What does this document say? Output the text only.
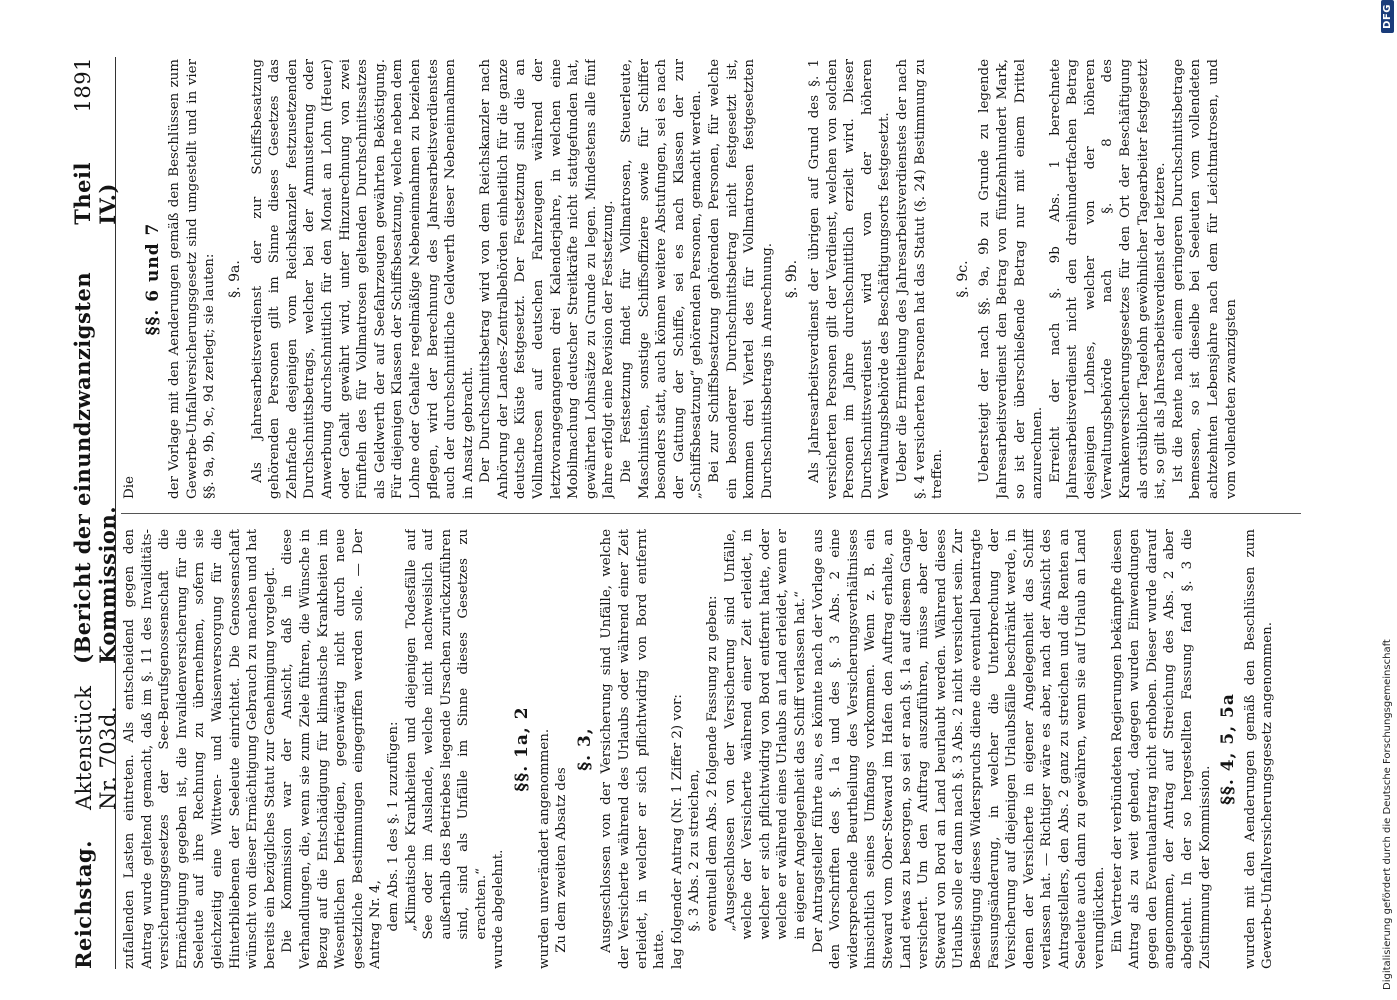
Reichstag.
Aktenstück Nr. 703d.
(Bericht der einundzwanzigsten Kommission.
Theil IV.)
1891

zufallenden Lasten eintreten. Als entscheidend gegen den Antrag wurde geltend gemacht, daß im §. 11 des Invaliditäts-versicherungsgesetzes der See-Berufsgenossenschaft die Ermächtigung gegeben ist, die Invalidenversicherung für die Seeleute auf ihre Rechnung zu übernehmen, sofern sie gleichzeitig eine Wittwen- und Waisenversorgung für die Hinterbliebenen der Seeleute einrichtet. Die Genossenschaft wünscht von dieser Ermächtigung Gebrauch zu machen und hat bereits ein bezügliches Statut zur Genehmigung vorgelegt. Die Kommission war der Ansicht, daß in diese Verhandlungen, die, wenn sie zum Ziele führen, die Wünsche in Bezug auf die Entschädigung für klimatische Krankheiten im Wesentlichen befriedigen, gegenwärtig nicht durch neue gesetzliche Bestimmungen eingegriffen werden solle. — Der Antrag Nr. 4, dem Abs. 1 des §. 1 zuzufügen: „Klimatische Krankheiten und diejenigen Todesfälle auf See oder im Auslande, welche nicht nachweislich auf außerhalb des Betriebes liegende Ursachen zurückzuführen sind, sind als Unfälle im Sinne dieses Gesetzes zu erachten.“ wurde abgelehnt.

§§. 1a, 2 wurden unverändert angenommen. Zu dem zweiten Absatz des

§. 3, Ausgeschlossen von der Versicherung sind Unfälle, welche der Versicherte während des Urlaubs oder während einer Zeit erleidet, in welcher er sich pflichtwidrig von Bord entfernt hatte. lag folgender Antrag (Nr. 1 Ziffer 2) vor: §. 3 Abs. 2 zu streichen, eventuell dem Abs. 2 folgende Fassung zu geben: „Ausgeschlossen von der Versicherung sind Unfälle, welche der Versicherte während einer Zeit erleidet, in welcher er sich pflichtwidrig von Bord entfernt hatte, oder welche er während eines Urlaubs an Land erleidet, wenn er in eigener Angelegenheit das Schiff verlassen hat.“ Der Antragsteller führte aus, es könnte nach der Vorlage aus den Vorschriften des §. 1a und des §. 3 Abs. 2 eine widersprechende Beurtheilung des Versicherungsverhältnisses hinsichtlich seines Umfangs vorkommen. Wenn z. B. ein Steward vom Ober-Steward im Hafen den Auftrag erhalte, an Land etwas zu besorgen, so sei er nach §. 1a auf diesem Gange versichert. Um den Auftrag auszuführen, müsse aber der Steward von Bord an Land beurlaubt werden. Während dieses Urlaubs solle er dann nach §. 3 Abs. 2 nicht versichert sein. Zur Beseitigung dieses Widerspruchs diene die eventuell beantragte Fassungsänderung, in welcher die Unterbrechung der Versicherung auf diejenigen Urlaubsfälle beschränkt werde, in denen der Versicherte in eigener Angelegenheit das Schiff verlassen hat. — Richtiger wäre es aber, nach der Ansicht des Antragstellers, den Abs. 2 ganz zu streichen und die Renten an Seeleute auch dann zu gewähren, wenn sie auf Urlaub an Land verunglückten. Ein Vertreter der verbündeten Regierungen bekämpfte diesen Antrag als zu weit gehend, dagegen wurden Einwendungen gegen den Eventualantrag nicht erhoben. Dieser wurde darauf angenommen, der Antrag auf Streichung des Abs. 2 aber abgelehnt. In der so hergestellten Fassung fand §. 3 die Zustimmung der Kommission.

§§. 4, 5, 5a wurden mit den Aenderungen gemäß den Beschlüssen zum Gewerbe-Unfallversicherungsgesetz angenommen.

Die

§§. 6 und 7 der Vorlage mit den Aenderungen gemäß den Beschlüssen zum Gewerbe-Unfallversicherungsgesetz sind umgestellt und in vier §§. 9a, 9b, 9c, 9d zerlegt; sie lauten: §. 9a. Als Jahresarbeitsverdienst der zur Schiffsbesatzung gehörenden Personen gilt im Sinne dieses Gesetzes das Zehnfache desjenigen vom Reichskanzler festzusetzenden Durchschnittsbetrags, welcher bei der Anmusterung oder Anwerbung durchschnittlich für den Monat an Lohn (Heuer) oder Gehalt gewährt wird, unter Hinzurechnung von zwei Fünfteln des für Vollmatrosen geltenden Durchschnittssatzes als Geldwerth der auf Seefahrzeugen gewährten Beköstigung. Für diejenigen Klassen der Schiffsbesatzung, welche neben dem Lohne oder Gehalte regelmäßige Nebeneinnahmen zu beziehen pflegen, wird der Berechnung des Jahresarbeitsverdienstes auch der durchschnittliche Geldwerth dieser Nebeneinnahmen in Ansatz gebracht. Der Durchschnittsbetrag wird von dem Reichskanzler nach Anhörung der Landes-Zentralbehörden einheitlich für die ganze deutsche Küste festgesetzt. Der Festsetzung sind die an Vollmatrosen auf deutschen Fahrzeugen während der letztvorangegangenen drei Kalenderjahre, in welchen eine Mobilmachung deutscher Streitkräfte nicht stattgefunden hat, gewährten Lohnsätze zu Grunde zu legen. Mindestens alle fünf Jahre erfolgt eine Revision der Festsetzung. Die Festsetzung findet für Vollmatrosen, Steuerleute, Maschinisten, sonstige Schiffsoffiziere sowie für Schiffer besonders statt, auch können weitere Abstufungen, sei es nach der Gattung der Schiffe, sei es nach Klassen der zur „Schiffsbesatzung“ gehörenden Personen, gemacht werden. Bei zur Schiffsbesatzung gehörenden Personen, für welche ein besonderer Durchschnittsbetrag nicht festgesetzt ist, kommen drei Viertel des für Vollmatrosen festgesetzten Durchschnittsbetrags in Anrechnung. §. 9b. Als Jahresarbeitsverdienst der übrigen auf Grund des §. 1 versicherten Personen gilt der Verdienst, welchen von solchen Personen im Jahre durchschnittlich erzielt wird. Dieser Durchschnittsverdienst wird von der höheren Verwaltungsbehörde des Beschäftigungsorts festgesetzt. Ueber die Ermittelung des Jahresarbeitsverdienstes der nach §. 4 versicherten Personen hat das Statut (§. 24) Bestimmung zu treffen.

§. 9c. Uebersteigt der nach §§. 9a, 9b zu Grunde zu legende Jahresarbeitsverdienst den Betrag von fünfzehnhundert Mark, so ist der überschießende Betrag nur mit einem Drittel anzurechnen. Erreicht der nach §. 9b Abs. 1 berechnete Jahresarbeitsverdienst nicht den dreihundertfachen Betrag desjenigen Lohnes, welcher von der höheren Verwaltungsbehörde nach §. 8 des Krankenversicherungsgesetzes für den Ort der Beschäftigung als ortsüblicher Tagelohn gewöhnlicher Tagearbeiter festgesetzt ist, so gilt als Jahresarbeitsverdienst der letztere. Ist die Rente nach einem geringeren Durchschnittsbetrage bemessen, so ist dieselbe bei Seeleuten vom vollendeten achtzehnten Lebensjahre nach dem für Leichtmatrosen, und vom vollendeten zwanzigsten

Digitalisierung gefördert durch die Deutsche Forschungsgemeinschaft
DFG
